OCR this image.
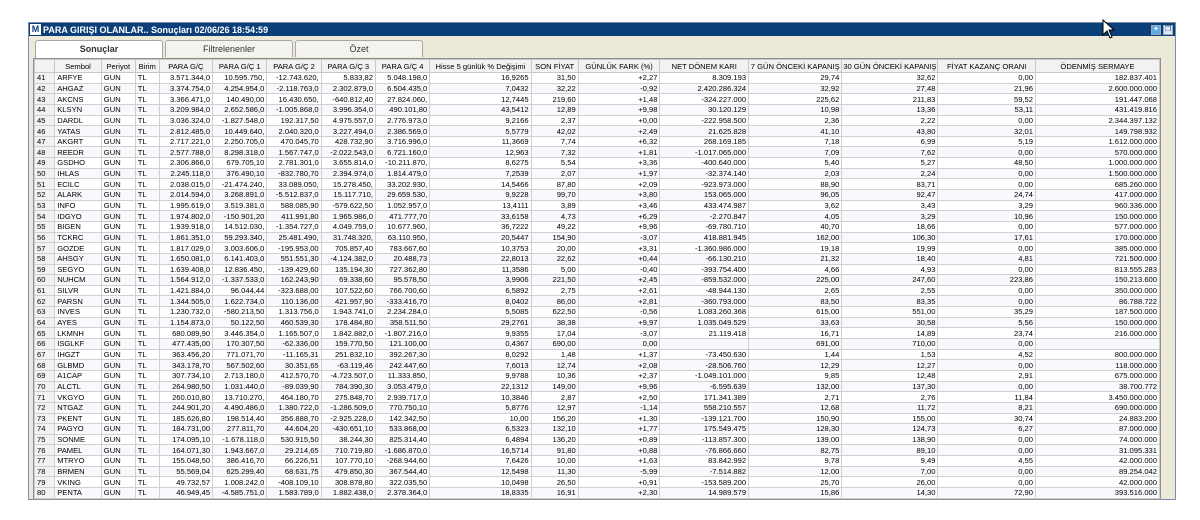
M PARA GIRIŞI OLANLAR.. Sonuçları 02/06/26 18:54:59	✦ ❐
Sonuçlar	Filtrelenenler	Özet
	Sembol	Periyot	Birim	PARA G/Ç	PARA G/Ç 1	PARA G/Ç 2	PARA G/Ç 3	PARA G/Ç 4	Hisse 5 günlük % Değişimi	SON FİYAT	GÜNLÜK FARK (%)	NET DÖNEM KARI	7 GÜN ÖNCEKİ KAPANIŞ	30 GÜN ÖNCEKİ KAPANIŞ	FİYAT KAZANÇ ORANI	ÖDENMİŞ SERMAYE
41	ARFYE	GUN	TL	3.571.344,0	10.595.750,	-12.743.620,	5.833,82	5.048.198,0	16,9265	31,50	+2,27	8.309.193	29,74	32,62	0,00	182.837.401
42	AHGAZ	GUN	TL	3.374.754,0	4.254.954,0	-2.118.763,0	2.302.879,0	6.504.435,0	7,0432	32,22	-0,92	2.420.286.324	32,92	27,48	21,96	2.600.000.000
43	AKCNS	GUN	TL	3.366.471,0	140.490,00	16.430.650,	-640.812,40	27.824.060,	12,7445	219,60	+1,48	-324.227.000	225,62	211,83	59,52	191.447.068
44	KLSYN	GUN	TL	3.209.984,0	2.652.586,0	-1.005.868,0	3.996.354,0	490.101,80	43,5412	12,89	+9,98	30.120.129	10,98	13,36	53,11	431.419.816
45	DARDL	GUN	TL	3.036.324,0	-1.827.548,0	192.317,50	4.975.557,0	2.776.973,0	9,2166	2,37	+0,00	-222.958.500	2,36	2,22	0,00	2.344.397.132
46	YATAS	GUN	TL	2.812.485,0	10.449.640,	2.040.320,0	3.227.494,0	2.386.569,0	5,5779	42,02	+2,49	21.625.828	41,10	43,80	32,01	149.798.932
47	AKGRT	GUN	TL	2.717.221,0	2.250.705,0	470.045,70	428.732,90	3.716.996,0	11,3669	7,74	+6,32	268.169.185	7,18	6,99	5,19	1.612.000.000
48	REEDR	GUN	TL	2.577.788,0	8.298.318,0	1.567.747,0	-2.022.543,0	6.721.160,0	12,963	7,32	+1,81	-1.017.065.000	7,09	7,62	0,00	570.000.000
49	GSDHO	GUN	TL	2.306.866,0	679.705,10	2.781.301,0	3.655.814,0	-10.211.870,	8,6275	5,54	+3,36	-400.640.000	5,40	5,27	48,50	1.000.000.000
50	IHLAS	GUN	TL	2.245.118,0	376.490,10	-832.780,70	2.394.974,0	1.814.479,0	7,2539	2,07	+1,97	-32.374.140	2,03	2,24	0,00	1.500.000.000
51	ECILC	GUN	TL	2.038.015,0	-21.474.240,	33.089.050,	15.278.450,	33.202.930,	14,5466	87,80	+2,09	-923.973.000	88,90	83,71	0,00	685.260.000
52	ALARK	GUN	TL	2.014.594,0	3.268.891,0	-5.512.837,0	15.117.710,	29.659.530,	9,9228	99,70	+3,80	153.065.000	96,05	92,47	24,74	417.000.000
53	INFO	GUN	TL	1.995.619,0	3.519.381,0	588.085,90	-579.622,50	1.052.957,0	13,4111	3,89	+3,46	433.474.987	3,62	3,43	3,29	960.336.000
54	IDGYO	GUN	TL	1.974.802,0	-150.901,20	411.991,80	1.965.986,0	471.777,70	33,6158	4,73	+6,29	-2.270.847	4,05	3,29	10,96	150.000.000
55	BIGEN	GUN	TL	1.939.918,0	14.512.030,	-1.354.727,0	4.049.759,0	10.677.960,	36,7222	49,22	+9,96	-69.780.710	40,70	18,66	0,00	577.000.000
56	TCKRC	GUN	TL	1.861.351,0	59.293.340,	25.481.490,	31.748.320,	63.110.950,	20,5447	154,90	-3,07	418.881.945	162,00	106,30	17,61	170.000.000
57	GOZDE	GUN	TL	1.817.029,0	3.003.606,0	-195.953,00	705.857,40	783.667,60	10,3753	20,00	+3,31	-1.360.986.000	19,18	19,99	0,00	385.000.000
58	AHSGY	GUN	TL	1.650.081,0	6.141.403,0	551.551,30	-4.124.382,0	20.488,73	22,8013	22,62	+0,44	-66.130.210	21,32	18,40	4,81	721.500.000
59	SEGYO	GUN	TL	1.639.408,0	12.836.450,	-139.429,60	135.194,30	727.362,80	11,3586	5,00	-0,40	-393.754.400	4,66	4,93	0,00	813.555.283
60	NUHCM	GUN	TL	1.564.912,0	-1.337.533,0	162.243,90	69.338,60	95.578,50	3,9906	221,50	+2,45	-859.532.000	225,00	247,60	223,86	150.213.600
61	SILVR	GUN	TL	1.421.884,0	96.044,44	-323.688,00	107.522,60	766.700,60	6,5892	2,75	+2,61	-48.944.130	2,65	2,55	0,00	350.000.000
62	PARSN	GUN	TL	1.344.505,0	1.622.734,0	110.136,00	421.957,90	-333.416,70	8,0402	86,00	+2,81	-360.793.000	83,50	83,35	0,00	86.788.722
63	INVES	GUN	TL	1.230.732,0	-580.213,50	1.313.756,0	1.943.741,0	2.234.284,0	5,5085	622,50	-0,56	1.083.260.368	615,00	551,00	35,29	187.500.000
64	AYES	GUN	TL	1.154.873,0	50.122,50	460.539,30	178.484,80	358.511,50	29,2761	38,38	+9,97	1.035.049.529	33,63	30,58	5,56	150.000.000
65	LKMNH	GUN	TL	680.089,90	3.446.354,0	1.165.507,0	1.842.882,0	-1.807.216,0	9,9355	17,04	-3,07	21.119.418	16,71	14,89	23,74	216.000.000
66	ISGLKF	GUN	TL	477.435,00	170.307,50	-62.336,00	159.770,50	121.100,00	0,4367	690,00	0,00		691,00	710,00	0,00	
67	IHGZT	GUN	TL	363.456,20	771.071,70	-11.165,31	251.832,10	392.267,30	8,0292	1,48	+1,37	-73.450.630	1,44	1,53	4,52	800.000.000
68	GLBMD	GUN	TL	343.178,70	567.502,60	30.351,65	-63.119,46	242.447,60	7,6013	12,74	+2,08	-28.506.760	12,29	12,27	0,00	118.000.000
69	A1CAP	GUN	TL	307.734,10	2.713.180,0	412.570,70	-4.723.507,0	11.333.850,	9,9788	10,36	+2,37	-1.049.101.000	9,85	12,48	2,91	675.000.000
70	ALCTL	GUN	TL	264.980,50	1.031.440,0	-89.039,90	784.390,30	3.053.479,0	22,1312	149,00	+9,96	-6.595.639	132,00	137,30	0,00	38.700.772
71	VKGYO	GUN	TL	260.010,80	13.710.270,	464.180,70	275.848,70	2.939.717,0	10,3846	2,87	+2,50	171.341.389	2,71	2,76	11,84	3.450.000.000
72	NTGAZ	GUN	TL	244.901,20	4.490.486,0	1.380.722,0	-1.286.509,0	770.750,10	5,8776	12,97	-1,14	558.210.557	12,68	11,72	8,21	690.000.000
73	PKENT	GUN	TL	185.626,80	198.514,40	356.888,70	-2.925.228,0	142.342,50	10,00	156,20	+1,30	-139.121.700	150,90	155,00	30,74	24.883.200
74	PAGYO	GUN	TL	184.731,00	277.811,70	44.604,20	-430.651,10	533.868,00	6,5323	132,10	+1,77	175.549.475	128,30	124,73	6,27	87.000.000
75	SONME	GUN	TL	174.095,10	-1.678.118,0	530.915,50	38.244,30	825.314,40	6,4894	136,20	+0,89	-113.857.300	139,00	138,90	0,00	74.000.000
76	PAMEL	GUN	TL	164.071,30	1.943.667,0	29.214,65	710.719,80	-1.686.870,0	16,5714	91,80	+0,88	-76.866.660	82,75	89,10	0,00	31.095.331
77	MTRYO	GUN	TL	155.048,50	386.416,70	66.226,51	107.770,10	-268.944,60	7,6426	10,00	+1,63	83.842.992	9,78	9,49	4,55	42.000.000
78	BRMEN	GUN	TL	55.569,04	625.299,40	68.631,75	479.850,30	367.544,40	12,5498	11,30	-5,99	-7.514.882	12,00	7,00	0,00	89.254.042
79	VKING	GUN	TL	49.732,57	1.008.242,0	-408.109,10	308.878,80	322.035,50	10,0498	26,50	+0,91	-153.589.200	25,70	26,00	0,00	42.000.000
80	PENTA	GUN	TL	46.949,45	-4.585.751,0	1.583.789,0	1.882.438,0	2.378.364,0	18,8335	16,91	+2,30	14.989.579	15,86	14,30	72,90	393.516.000
